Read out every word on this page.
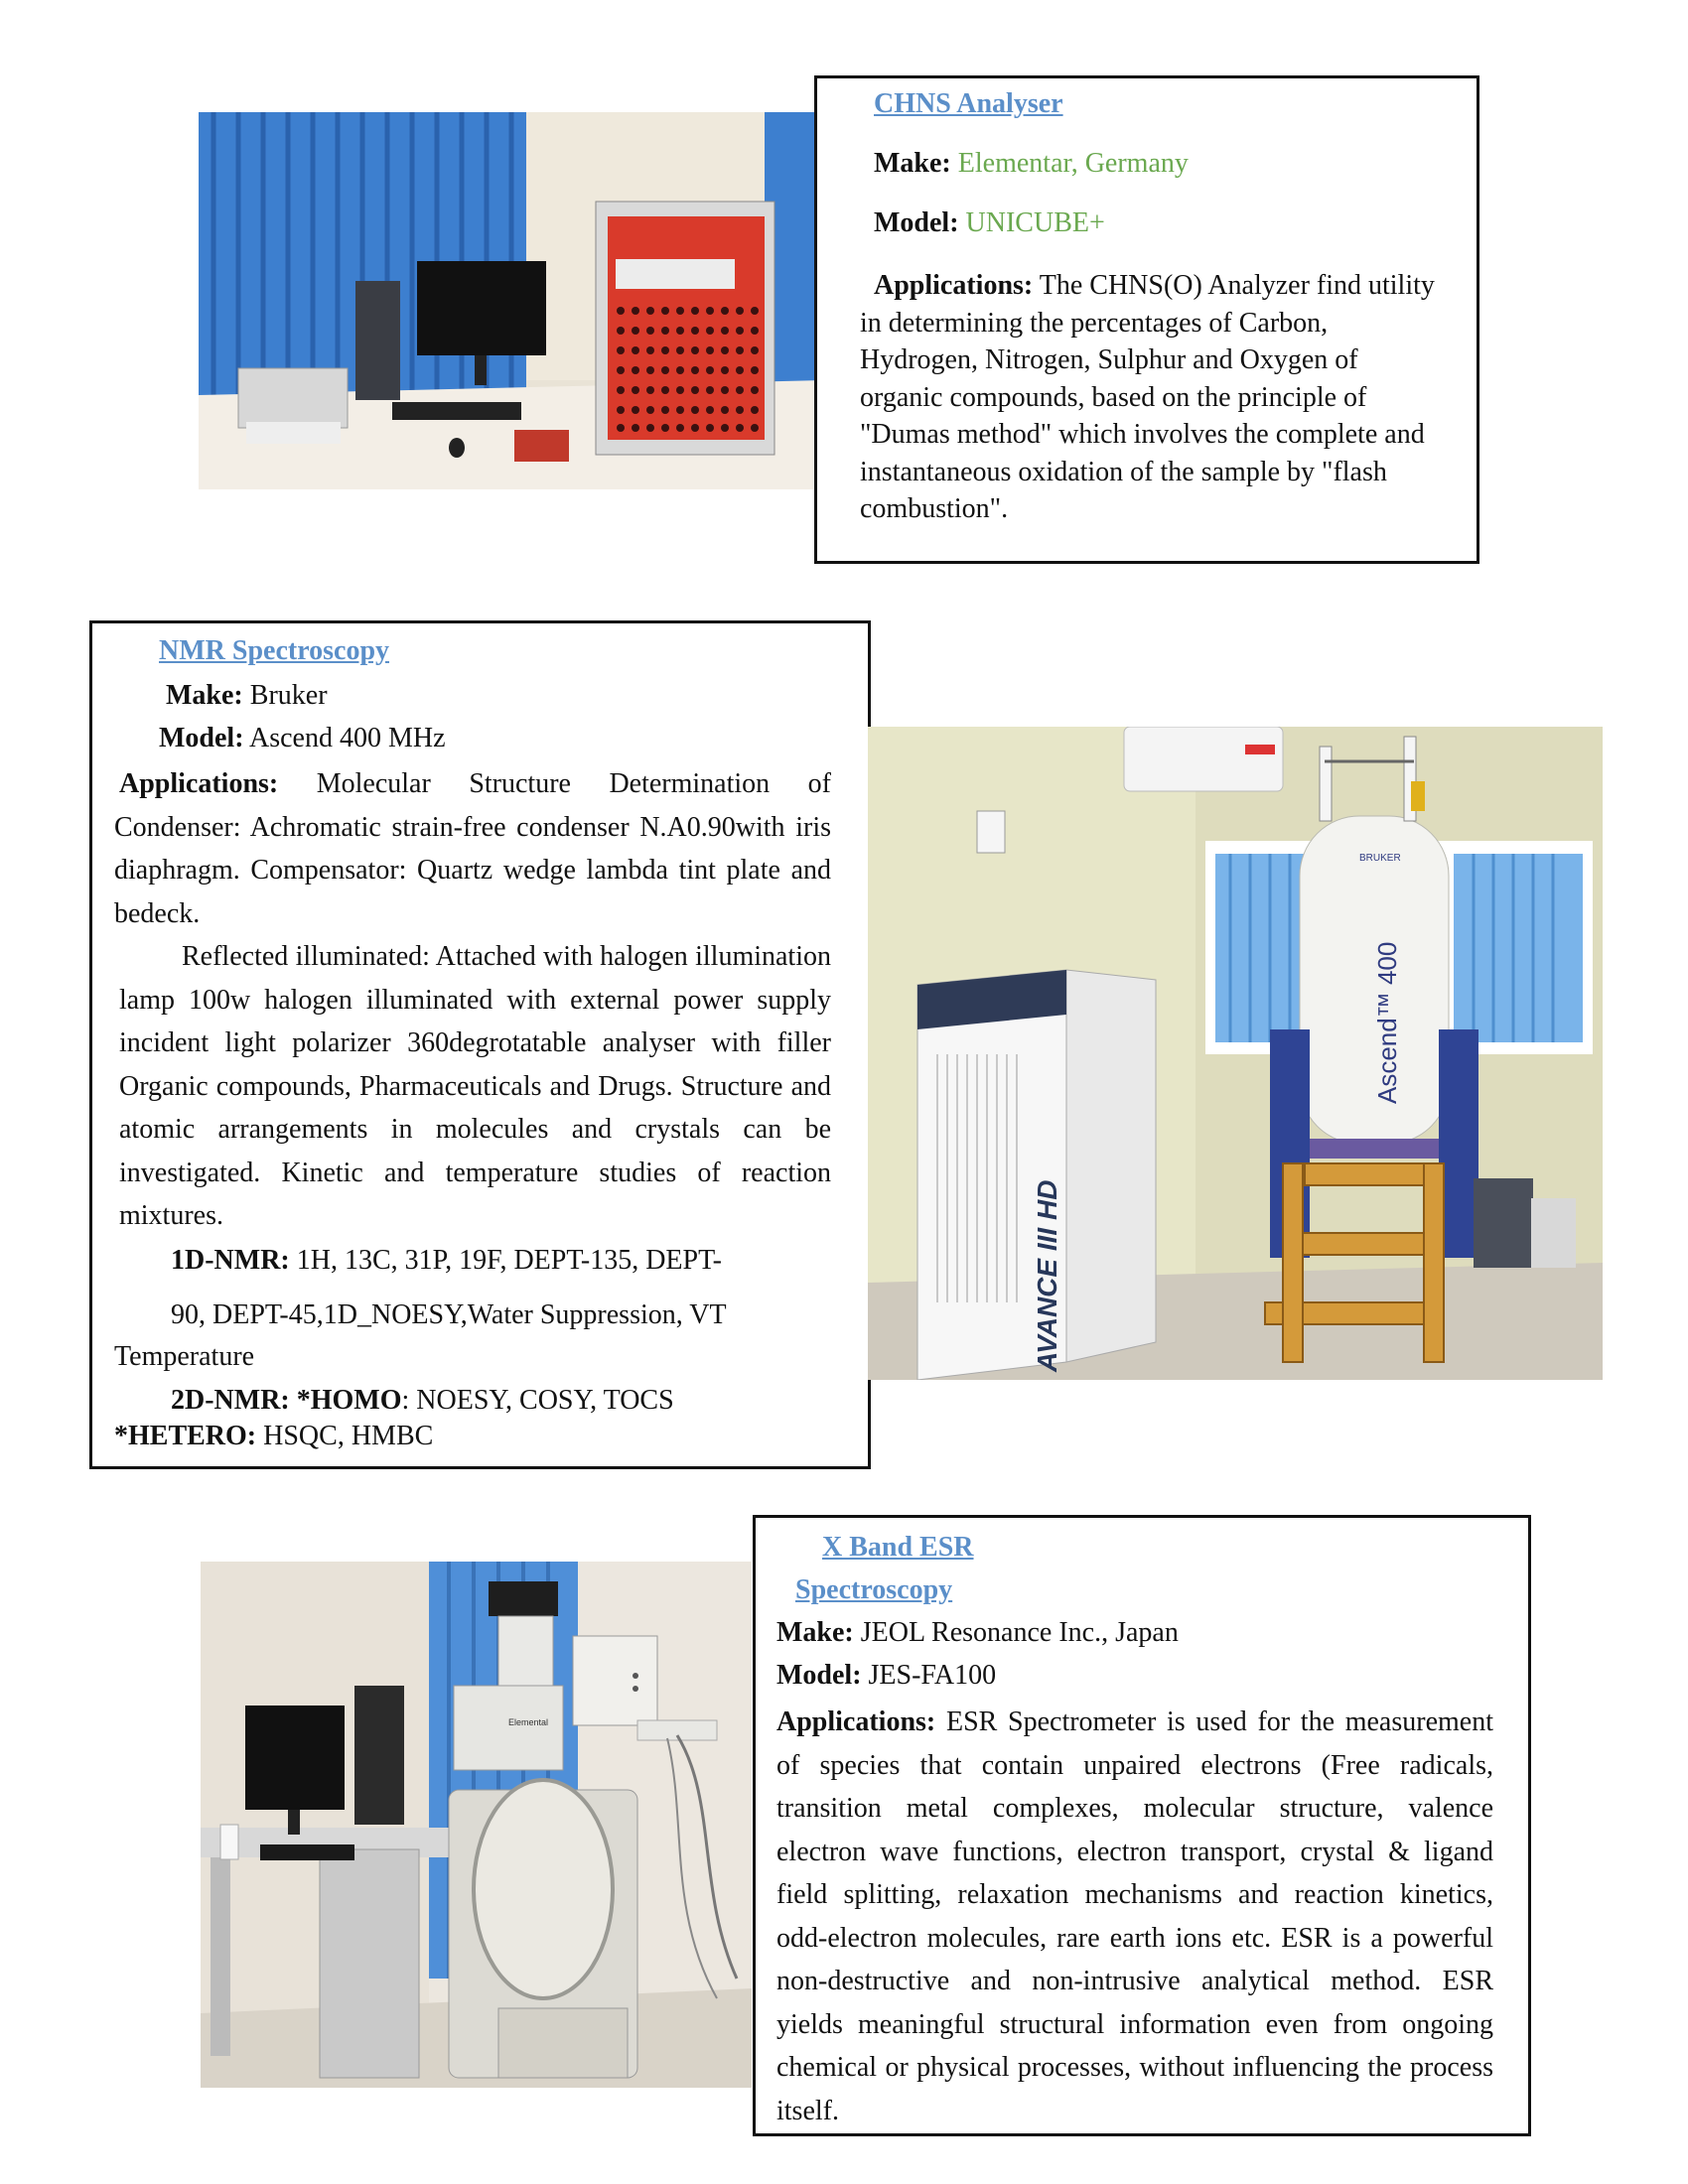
CHNS Analyser
Make: Elementar, Germany
Model: UNICUBE+
Applications: The CHNS(O) Analyzer find utility in determining the percentages of Carbon, Hydrogen, Nitrogen, Sulphur and Oxygen of organic compounds, based on the principle of "Dumas method" which involves the complete and instantaneous oxidation of the sample by "flash combustion".
NMR Spectroscopy
Make: Bruker
Model: Ascend 400 MHz
Applications: Molecular Structure Determination of Condenser: Achromatic strain-free condenser N.A0.90with iris diaphragm. Compensator: Quartz wedge lambda tint plate and bedeck.
Reflected illuminated: Attached with halogen illumination lamp 100w halogen illuminated with external power supply incident light polarizer 360degrotatable analyser with filler Organic compounds, Pharmaceuticals and Drugs. Structure and atomic arrangements in molecules and crystals can be investigated. Kinetic and temperature studies of reaction mixtures.
1D-NMR: 1H, 13C, 31P, 19F, DEPT-135, DEPT-
90, DEPT-45,1D_NOESY,Water Suppression, VT
Temperature
2D-NMR: *HOMO: NOESY, COSY, TOCS
*HETERO: HSQC, HMBC
AVANCE III HD
Ascend™ 400
BRUKER
Elemental
X Band ESR
Spectroscopy
Make: JEOL Resonance Inc., Japan
Model: JES-FA100
Applications: ESR Spectrometer is used for the measurement of species that contain unpaired electrons (Free radicals, transition metal complexes, molecular structure, valence electron wave functions, electron transport, crystal & ligand field splitting, relaxation mechanisms and reaction kinetics, odd-electron molecules, rare earth ions etc. ESR is a powerful non-destructive and non-intrusive analytical method. ESR yields meaningful structural information even from ongoing chemical or physical processes, without influencing the process itself.
